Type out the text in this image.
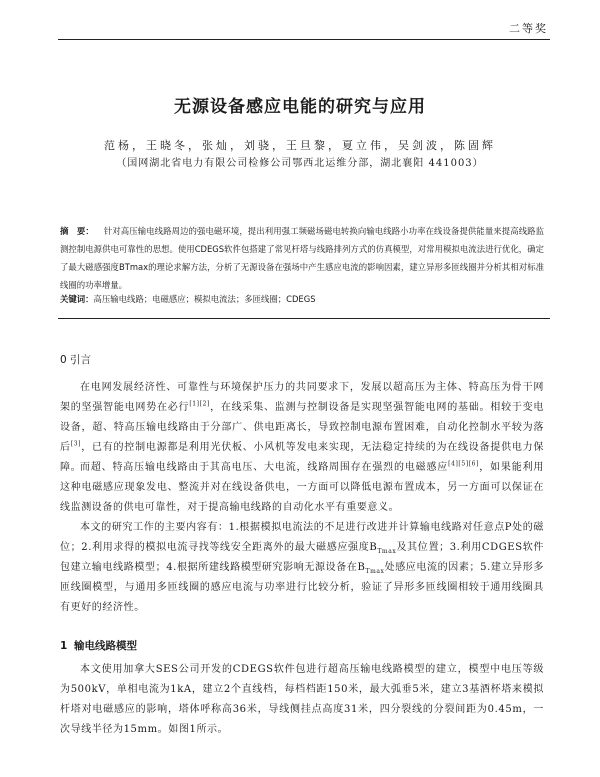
二等奖
无源设备感应电能的研究与应用
范杨，王晓冬，张灿，刘骁，王旦黎，夏立伟，吴剑波，陈固辉
（国网湖北省电力有限公司检修公司鄂西北运维分部，湖北襄阳 441003）
摘　要： 针对高压输电线路周边的强电磁环境，提出利用强工频磁场磁电转换向输电线路小功率在线设备提供能量来提高线路监测控制电源供电可靠性的思想。使用CDEGS软件包搭建了常见杆塔与线路排列方式的仿真模型，对常用模拟电流法进行优化，确定了最大磁感强度BTmax的理论求解方法，分析了无源设备在强场中产生感应电流的影响因素，建立异形多匝线圈并分析其相对标准线圈的功率增量。
关键词：高压输电线路；电磁感应；模拟电流法；多匝线圈；CDEGS
0 引言
在电网发展经济性、可靠性与环境保护压力的共同要求下，发展以超高压为主体、特高压为骨干网架的坚强智能电网势在必行[1][2]，在线采集、监测与控制设备是实现坚强智能电网的基础。相较于变电设备，超、特高压输电线路由于分部广、供电距离长，导致控制电源布置困难，自动化控制水平较为落后[3]，已有的控制电源都是利用光伏板、小风机等发电来实现，无法稳定持续的为在线设备提供电力保障。
而超、特高压输电线路由于其高电压、大电流，线路周围存在强烈的电磁感应[4][5][6]，如果能利用这种电磁感应现象发电、整流并对在线设备供电，一方面可以降低电源布置成本，另一方面可以保证在线监测设备的供电可靠性，对于提高输电线路的自动化水平有重要意义。
本文的研究工作的主要内容有：1.根据模拟电流法的不足进行改进并计算输电线路对任意点P处的磁位；2.利用求得的模拟电流寻找等线安全距离外的最大磁感应强度$B_{Tmax}$及其位置；3.利用CDGES软件包建立输电线路模型；4.根据所建线路模型研究影响无源设备在$B_{Tmax}$处感应电流的因素；5.建立异形多匝线圈模型，与通用多匝线圈的感应电流与功率进行比较分析，验证了异形多匝线圈相较于通用线圈具有更好的经济性。
1 输电线路模型
本文使用加拿大SES公司开发的CDEGS软件包进行超高压输电线路模型的建立，模型中电压等级为500kV，单相电流为1kA，建立2个直线档，每档档距150米，最大弧垂5米，建立3基酒杯塔来模拟杆塔对电磁感应的影响，塔体呼称高36米，导线侧挂点高度31米，四分裂线的分裂间距为0.45m，一次导线半径为15mm。如图1所示。
